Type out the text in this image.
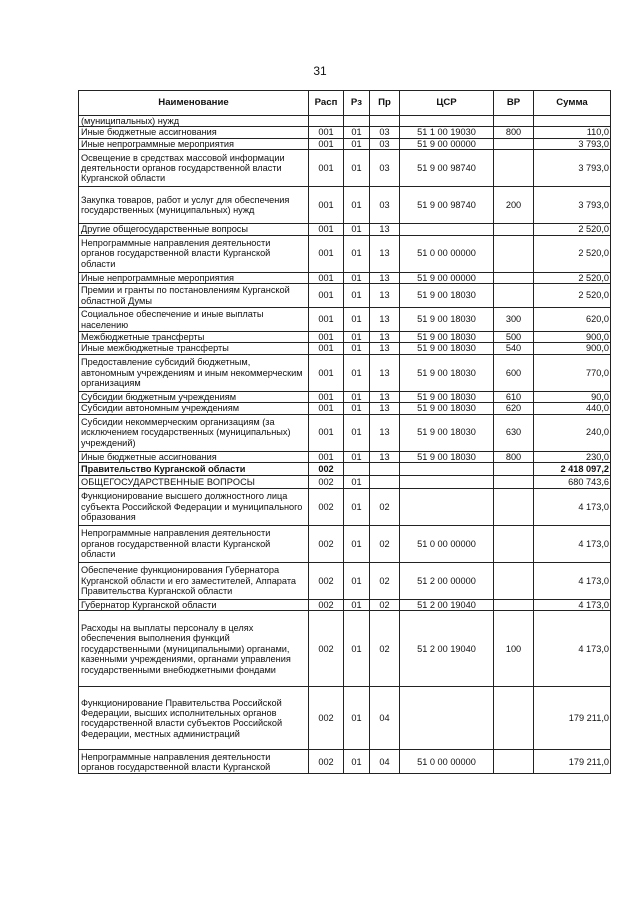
31
Наименование	Расп	Рз	Пр	ЦСР	ВР	Сумма
(муниципальных) нужд						
Иные бюджетные ассигнования	001	01	03	51 1 00 19030	800	110,0
Иные непрограммные мероприятия	001	01	03	51 9 00 00000		3 793,0
Освещение в средствах массовой информации деятельности органов государственной власти Курганской области	001	01	03	51 9 00 98740		3 793,0
Закупка товаров, работ и услуг для обеспечения государственных (муниципальных) нужд	001	01	03	51 9 00 98740	200	3 793,0
Другие общегосударственные вопросы	001	01	13			2 520,0
Непрограммные направления деятельности органов государственной власти Курганской области	001	01	13	51 0 00 00000		2 520,0
Иные непрограммные мероприятия	001	01	13	51 9 00 00000		2 520,0
Премии и гранты по постановлениям Курганской областной Думы	001	01	13	51 9 00 18030		2 520,0
Социальное обеспечение и иные выплаты населению	001	01	13	51 9 00 18030	300	620,0
Межбюджетные трансферты	001	01	13	51 9 00 18030	500	900,0
Иные межбюджетные трансферты	001	01	13	51 9 00 18030	540	900,0
Предоставление субсидий бюджетным, автономным учреждениям и иным некоммерческим организациям	001	01	13	51 9 00 18030	600	770,0
Субсидии бюджетным учреждениям	001	01	13	51 9 00 18030	610	90,0
Субсидии автономным учреждениям	001	01	13	51 9 00 18030	620	440,0
Субсидии некоммерческим организациям (за исключением государственных (муниципальных) учреждений)	001	01	13	51 9 00 18030	630	240,0
Иные бюджетные ассигнования	001	01	13	51 9 00 18030	800	230,0
Правительство Курганской области	002					2 418 097,2
ОБЩЕГОСУДАРСТВЕННЫЕ ВОПРОСЫ	002	01				680 743,6
Функционирование высшего должностного лица субъекта Российской Федерации и муниципального образования	002	01	02			4 173,0
Непрограммные направления деятельности органов государственной власти Курганской области	002	01	02	51 0 00 00000		4 173,0
Обеспечение функционирования Губернатора Курганской области и его заместителей, Аппарата Правительства Курганской области	002	01	02	51 2 00 00000		4 173,0
Губернатор Курганской области	002	01	02	51 2 00 19040		4 173,0
Расходы на выплаты персоналу в целях обеспечения выполнения функций государственными (муниципальными) органами, казенными учреждениями, органами управления государственными внебюджетными фондами	002	01	02	51 2 00 19040	100	4 173,0
Функционирование Правительства Российской Федерации, высших исполнительных органов государственной власти субъектов Российской Федерации, местных администраций	002	01	04			179 211,0
Непрограммные направления деятельности органов государственной власти Курганской	002	01	04	51 0 00 00000		179 211,0
